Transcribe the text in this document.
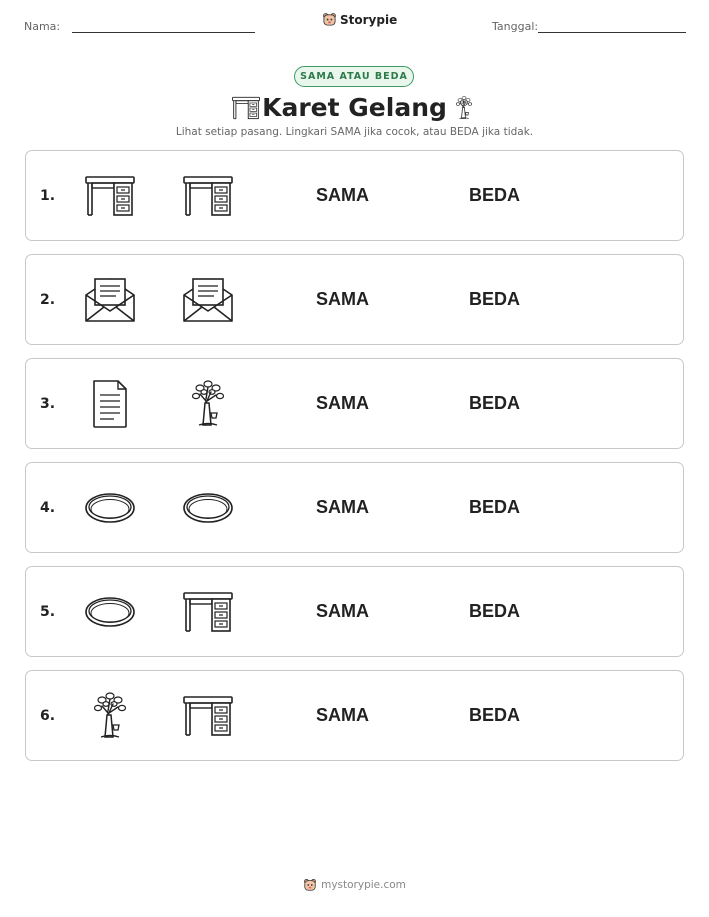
Nama:	Storypie	Tanggal:
SAMA ATAU BEDA
Karet Gelang
Lihat setiap pasang. Lingkari SAMA jika cocok, atau BEDA jika tidak.
1.	SAMA	BEDA
2.	SAMA	BEDA
3.	SAMA	BEDA
4.	SAMA	BEDA
5.	SAMA	BEDA
6.	SAMA	BEDA
mystorypie.com
